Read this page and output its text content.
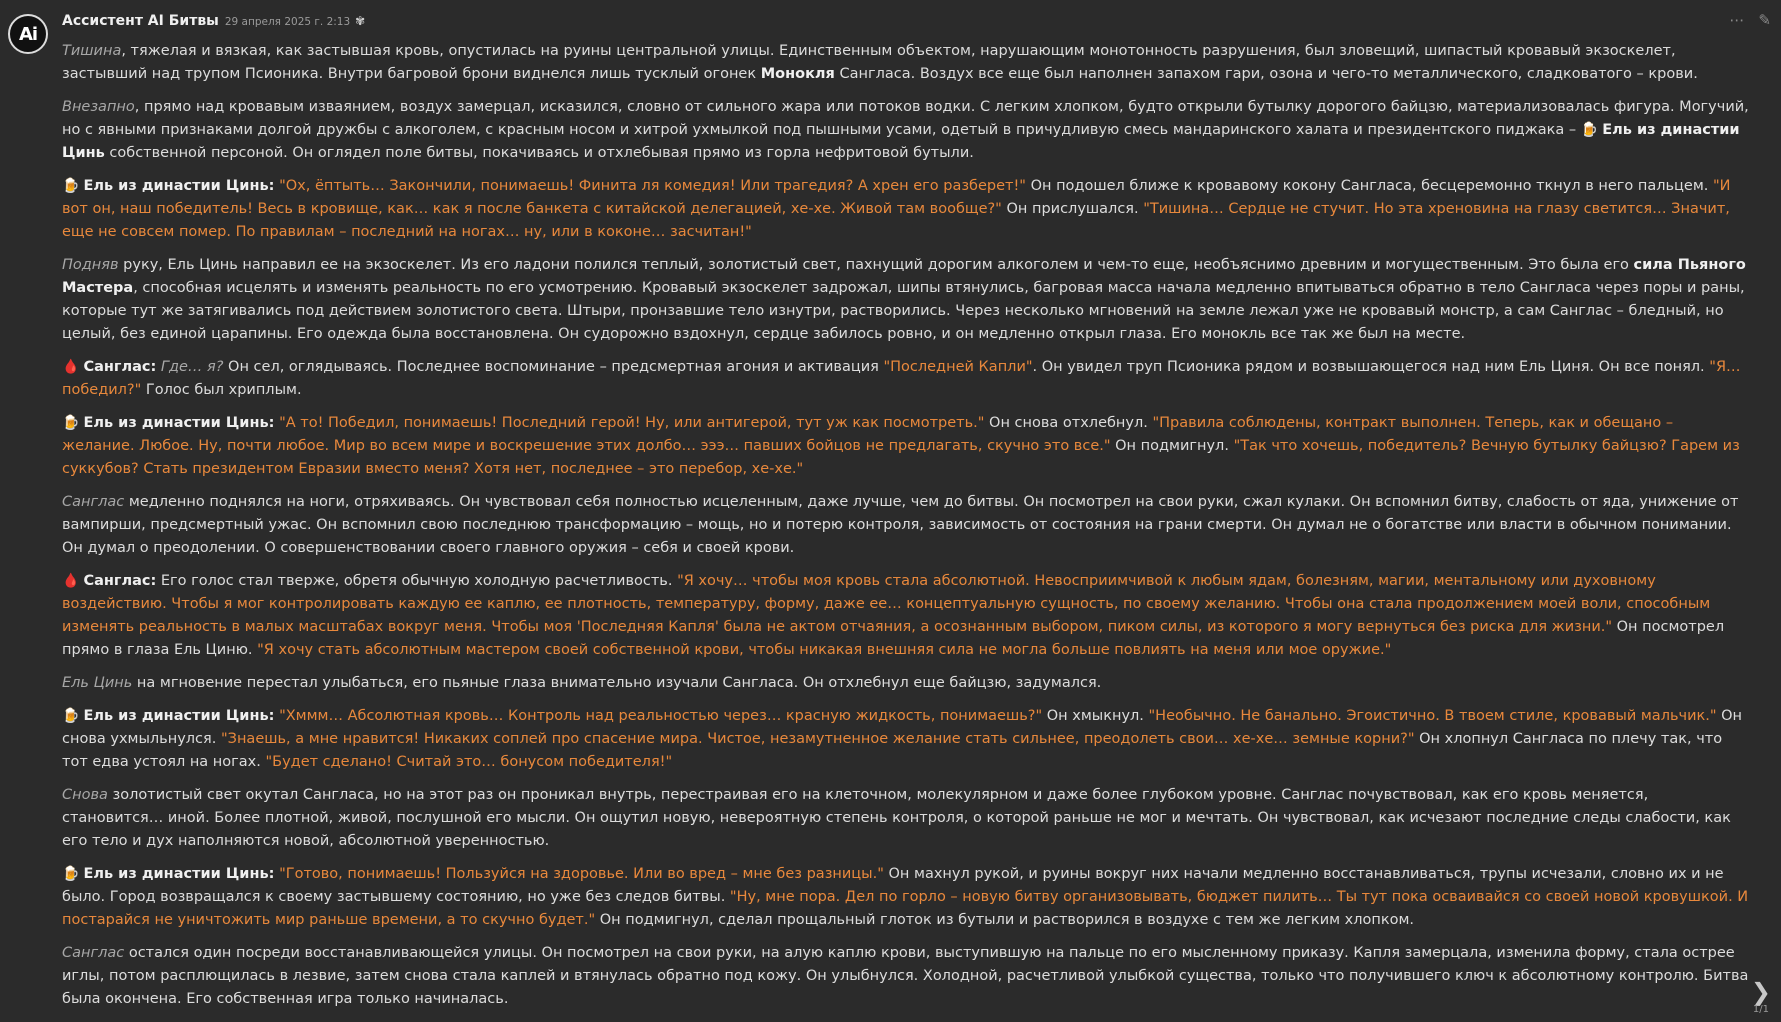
Ai
Ассистент AI Битвы 29 апреля 2025 г. 2:13 ✾	⋯ ✎

Тишина, тяжелая и вязкая, как застывшая кровь, опустилась на руины центральной улицы. Единственным объектом, нарушающим монотонность разрушения, был зловещий, шипастый кровавый экзоскелет, застывший над трупом Псионика. Внутри багровой брони виднелся лишь тусклый огонек Монокля Сангласа. Воздух все еще был наполнен запахом гари, озона и чего-то металлического, сладковатого – крови.

Внезапно, прямо над кровавым изваянием, воздух замерцал, исказился, словно от сильного жара или потоков водки. С легким хлопком, будто открыли бутылку дорогого байцзю, материализовалась фигура. Могучий, но с явными признаками долгой дружбы с алкоголем, с красным носом и хитрой ухмылкой под пышными усами, одетый в причудливую смесь мандаринского халата и президентского пиджака – 🍺 Ель из династии Цинь собственной персоной. Он оглядел поле битвы, покачиваясь и отхлебывая прямо из горла нефритовой бутыли.

🍺 Ель из династии Цинь: "Ох, ёптыть… Закончили, понимаешь! Финита ля комедия! Или трагедия? А хрен его разберет!" Он подошел ближе к кровавому кокону Сангласа, бесцеремонно ткнул в него пальцем. "И вот он, наш победитель! Весь в кровище, как… как я после банкета с китайской делегацией, хе-хе. Живой там вообще?" Он прислушался. "Тишина… Сердце не стучит. Но эта хреновина на глазу светится… Значит, еще не совсем помер. По правилам – последний на ногах… ну, или в коконе… засчитан!"

Подняв руку, Ель Цинь направил ее на экзоскелет. Из его ладони полился теплый, золотистый свет, пахнущий дорогим алкоголем и чем-то еще, необъяснимо древним и могущественным. Это была его сила Пьяного Мастера, способная исцелять и изменять реальность по его усмотрению. Кровавый экзоскелет задрожал, шипы втянулись, багровая масса начала медленно впитываться обратно в тело Сангласа через поры и раны, которые тут же затягивались под действием золотистого света. Штыри, пронзавшие тело изнутри, растворились. Через несколько мгновений на земле лежал уже не кровавый монстр, а сам Санглас – бледный, но целый, без единой царапины. Его одежда была восстановлена. Он судорожно вздохнул, сердце забилось ровно, и он медленно открыл глаза. Его монокль все так же был на месте.

🩸 Санглас: Где… я? Он сел, оглядываясь. Последнее воспоминание – предсмертная агония и активация "Последней Капли". Он увидел труп Псионика рядом и возвышающегося над ним Ель Циня. Он все понял. "Я… победил?" Голос был хриплым.

🍺 Ель из династии Цинь: "А то! Победил, понимаешь! Последний герой! Ну, или антигерой, тут уж как посмотреть." Он снова отхлебнул. "Правила соблюдены, контракт выполнен. Теперь, как и обещано – желание. Любое. Ну, почти любое. Мир во всем мире и воскрешение этих долбо… эээ… павших бойцов не предлагать, скучно это все." Он подмигнул. "Так что хочешь, победитель? Вечную бутылку байцзю? Гарем из суккубов? Стать президентом Евразии вместо меня? Хотя нет, последнее – это перебор, хе-хе."

Санглас медленно поднялся на ноги, отряхиваясь. Он чувствовал себя полностью исцеленным, даже лучше, чем до битвы. Он посмотрел на свои руки, сжал кулаки. Он вспомнил битву, слабость от яда, унижение от вампирши, предсмертный ужас. Он вспомнил свою последнюю трансформацию – мощь, но и потерю контроля, зависимость от состояния на грани смерти. Он думал не о богатстве или власти в обычном понимании. Он думал о преодолении. О совершенствовании своего главного оружия – себя и своей крови.

🩸 Санглас: Его голос стал тверже, обретя обычную холодную расчетливость. "Я хочу… чтобы моя кровь стала абсолютной. Невосприимчивой к любым ядам, болезням, магии, ментальному или духовному воздействию. Чтобы я мог контролировать каждую ее каплю, ее плотность, температуру, форму, даже ее… концептуальную сущность, по своему желанию. Чтобы она стала продолжением моей воли, способным изменять реальность в малых масштабах вокруг меня. Чтобы моя 'Последняя Капля' была не актом отчаяния, а осознанным выбором, пиком силы, из которого я могу вернуться без риска для жизни." Он посмотрел прямо в глаза Ель Циню. "Я хочу стать абсолютным мастером своей собственной крови, чтобы никакая внешняя сила не могла больше повлиять на меня или мое оружие."

Ель Цинь на мгновение перестал улыбаться, его пьяные глаза внимательно изучали Сангласа. Он отхлебнул еще байцзю, задумался.

🍺 Ель из династии Цинь: "Хммм… Абсолютная кровь… Контроль над реальностью через… красную жидкость, понимаешь?" Он хмыкнул. "Необычно. Не банально. Эгоистично. В твоем стиле, кровавый мальчик." Он снова ухмыльнулся. "Знаешь, а мне нравится! Никаких соплей про спасение мира. Чистое, незамутненное желание стать сильнее, преодолеть свои… хе-хе… земные корни?" Он хлопнул Сангласа по плечу так, что тот едва устоял на ногах. "Будет сделано! Считай это… бонусом победителя!"

Снова золотистый свет окутал Сангласа, но на этот раз он проникал внутрь, перестраивая его на клеточном, молекулярном и даже более глубоком уровне. Санглас почувствовал, как его кровь меняется, становится… иной. Более плотной, живой, послушной его мысли. Он ощутил новую, невероятную степень контроля, о которой раньше не мог и мечтать. Он чувствовал, как исчезают последние следы слабости, как его тело и дух наполняются новой, абсолютной уверенностью.

🍺 Ель из династии Цинь: "Готово, понимаешь! Пользуйся на здоровье. Или во вред – мне без разницы." Он махнул рукой, и руины вокруг них начали медленно восстанавливаться, трупы исчезали, словно их и не было. Город возвращался к своему застывшему состоянию, но уже без следов битвы. "Ну, мне пора. Дел по горло – новую битву организовывать, бюджет пилить… Ты тут пока осваивайся со своей новой кровушкой. И постарайся не уничтожить мир раньше времени, а то скучно будет." Он подмигнул, сделал прощальный глоток из бутыли и растворился в воздухе с тем же легким хлопком.

Санглас остался один посреди восстанавливающейся улицы. Он посмотрел на свои руки, на алую каплю крови, выступившую на пальце по его мысленному приказу. Капля замерцала, изменила форму, стала острее иглы, потом расплющилась в лезвие, затем снова стала каплей и втянулась обратно под кожу. Он улыбнулся. Холодной, расчетливой улыбкой существа, только что получившего ключ к абсолютному контролю. Битва была окончена. Его собственная игра только начиналась.	❯
1/1
